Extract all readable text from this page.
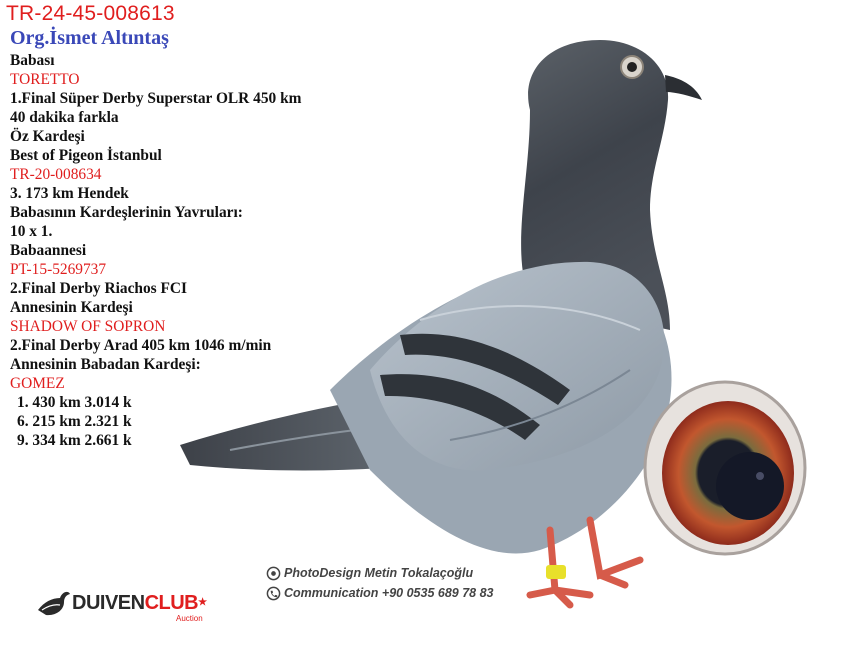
TR-24-45-008613
Org.İsmet Altıntaş
Babası
TORETTO
1.Final Süper Derby Superstar OLR 450 km
40 dakika farkla
Öz Kardeşi
Best of Pigeon İstanbul
TR-20-008634
3. 173 km Hendek
Babasının Kardeşlerinin Yavruları:
10 x 1.
Babaannesi
PT-15-5269737
2.Final Derby Riachos FCI
Annesinin Kardeşi
SHADOW OF SOPRON
2.Final Derby Arad 405 km 1046 m/min
Annesinin Babadan Kardeşi:
GOMEZ
1. 430 km 3.014 k
6. 215 km 2.321 k
9. 334 km 2.661 k
PhotoDesign Metin Tokalaçoğlu
Communication +90 0535 689 78 83
DUIVENCLUB★
Auction
